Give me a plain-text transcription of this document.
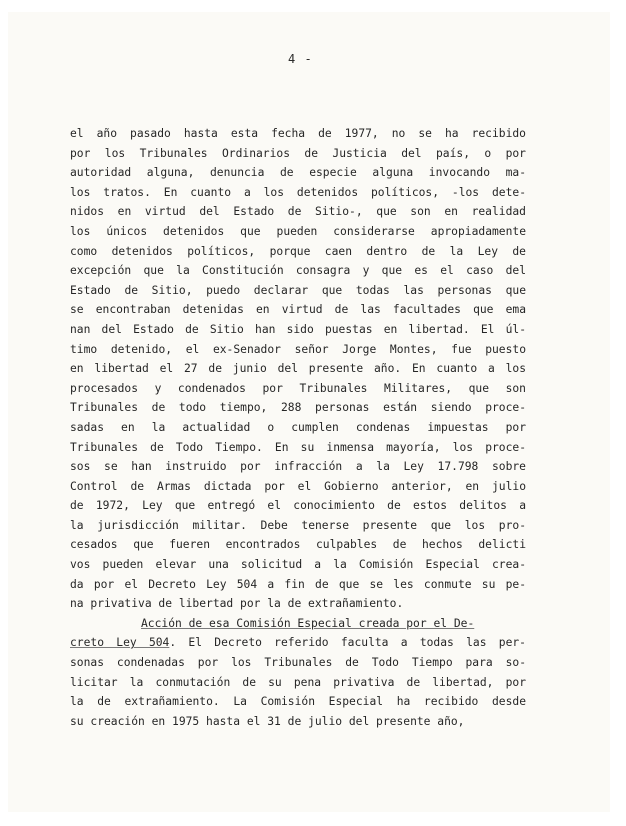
4 -
el año pasado hasta esta fecha de 1977, no se ha recibido
por los Tribunales Ordinarios de Justicia del país, o por
autoridad alguna, denuncia de especie alguna invocando ma-
los tratos. En cuanto a los detenidos políticos, -los dete-
nidos en virtud del Estado de Sitio-, que son en realidad
los únicos detenidos que pueden considerarse apropiadamente
como detenidos políticos, porque caen dentro de la Ley de
excepción que la Constitución consagra y que es el caso del
Estado de Sitio, puedo declarar que todas las personas que
se encontraban detenidas en virtud de las facultades que ema
nan del Estado de Sitio han sido puestas en libertad. El úl-
timo detenido, el ex-Senador señor Jorge Montes, fue puesto
en libertad el 27 de junio del presente año. En cuanto a los
procesados y condenados por Tribunales Militares, que son
Tribunales de todo tiempo, 288 personas están siendo proce-
sadas en la actualidad o cumplen condenas impuestas por
Tribunales de Todo Tiempo. En su inmensa mayoría, los proce-
sos se han instruido por infracción a la Ley 17.798 sobre
Control de Armas dictada por el Gobierno anterior, en julio
de 1972, Ley que entregó el conocimiento de estos delitos a
la jurisdicción militar. Debe tenerse presente que los pro-
cesados que fueren encontrados culpables de hechos delicti
vos pueden elevar una solicitud a la Comisión Especial crea-
da por el Decreto Ley 504 a fin de que se les conmute su pe-
na privativa de libertad por la de extrañamiento.
Acción de esa Comisión Especial creada por el De-
creto Ley 504. El Decreto referido faculta a todas las per-
sonas condenadas por los Tribunales de Todo Tiempo para so-
licitar la conmutación de su pena privativa de libertad, por
la de extrañamiento. La Comisión Especial ha recibido desde
su creación en 1975 hasta el 31 de julio del presente año,
